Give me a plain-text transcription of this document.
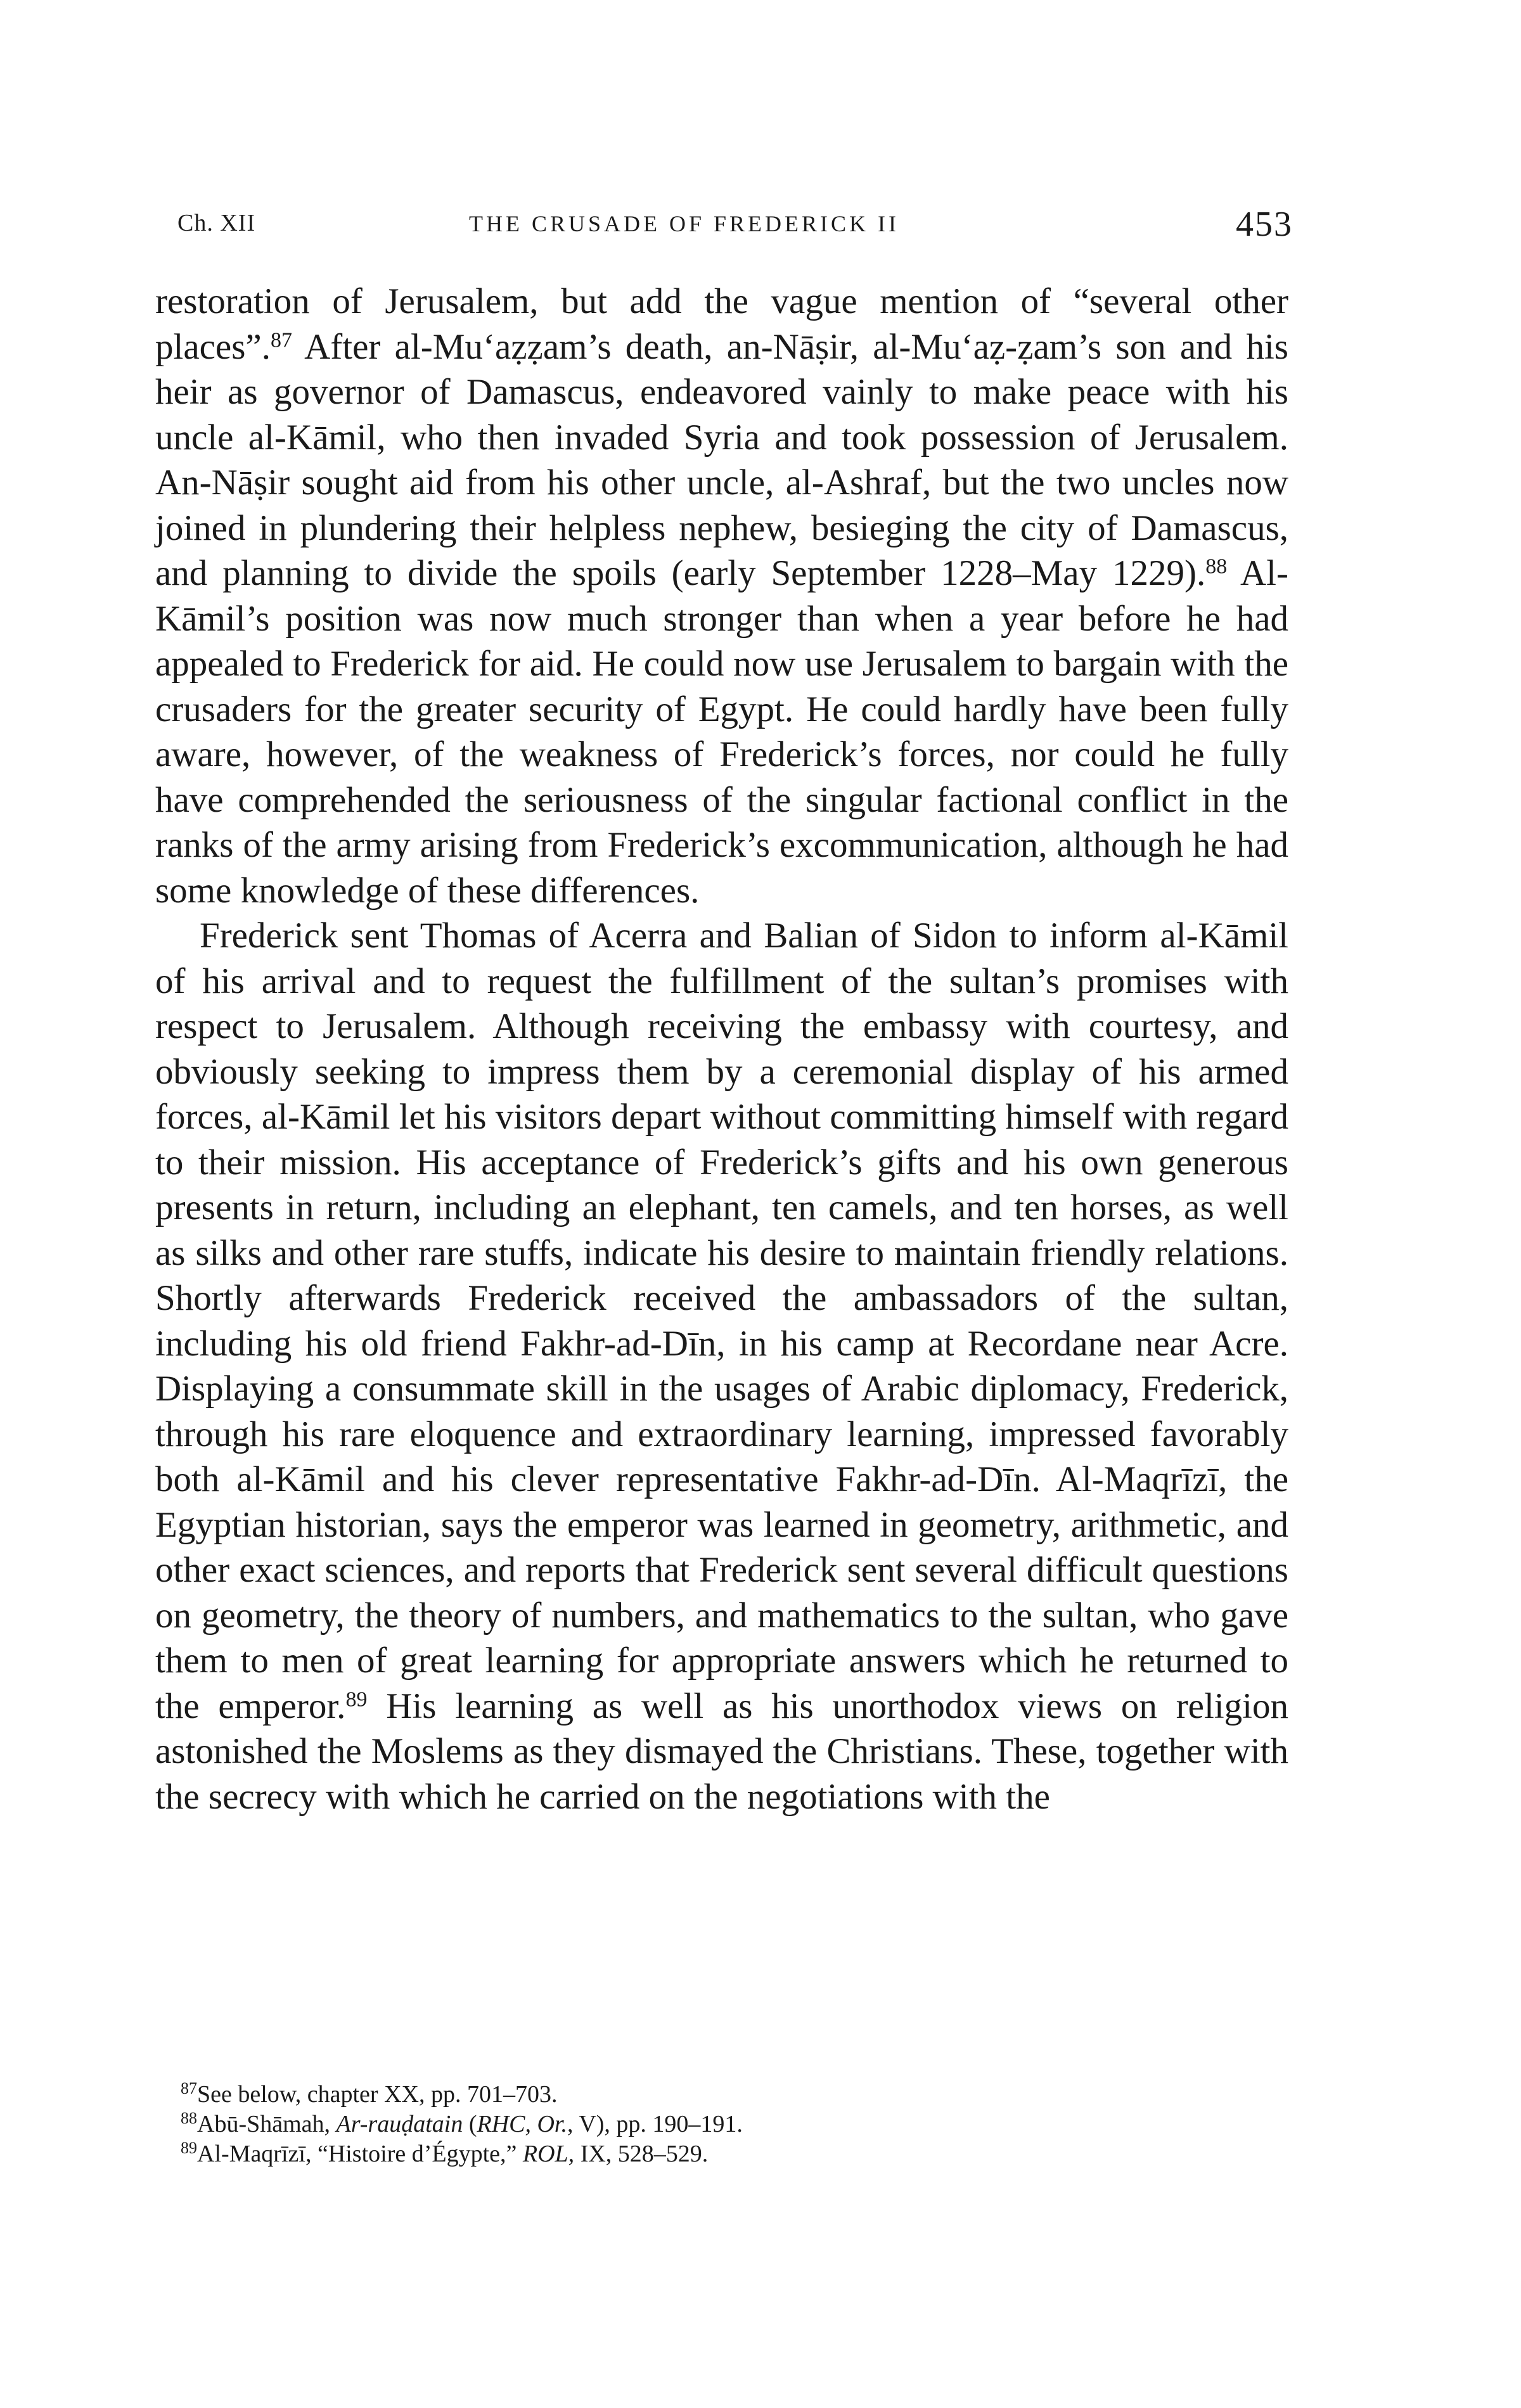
Ch. XII	THE CRUSADE OF FREDERICK II	453

restoration of Jerusalem, but add the vague mention of “several other places”.$^{87}$ After al-Mu‘aẓẓam’s death, an-Nāṣir, al-Mu‘aẓ-ẓam’s son and his heir as governor of Damascus, endeavored vainly to make peace with his uncle al-Kāmil, who then invaded Syria and took possession of Jerusalem. An-Nāṣir sought aid from his other uncle, al-Ashraf, but the two uncles now joined in plundering their helpless nephew, besieging the city of Damascus, and planning to divide the spoils (early September 1228–May 1229).$^{88}$ Al-Kāmil’s position was now much stronger than when a year before he had appealed to Frederick for aid. He could now use Jerusalem to bargain with the crusaders for the greater security of Egypt. He could hardly have been fully aware, however, of the weakness of Frederick’s forces, nor could he fully have comprehended the seriousness of the singular factional conflict in the ranks of the army arising from Frederick’s excommunication, although he had some knowledge of these differences.

Frederick sent Thomas of Acerra and Balian of Sidon to inform al-Kāmil of his arrival and to request the fulfillment of the sultan’s promises with respect to Jerusalem. Although receiving the embassy with courtesy, and obviously seeking to impress them by a ceremonial display of his armed forces, al-Kāmil let his visitors depart without committing himself with regard to their mission. His acceptance of Frederick’s gifts and his own generous presents in return, including an elephant, ten camels, and ten horses, as well as silks and other rare stuffs, indicate his desire to maintain friendly relations. Shortly afterwards Frederick received the ambassadors of the sultan, including his old friend Fakhr-ad-Dīn, in his camp at Recordane near Acre. Displaying a consummate skill in the usages of Arabic diplomacy, Frederick, through his rare eloquence and extraordinary learning, impressed favorably both al-Kāmil and his clever representative Fakhr-ad-Dīn. Al-Maqrīzī, the Egyptian historian, says the emperor was learned in geometry, arithmetic, and other exact sciences, and reports that Frederick sent several difficult questions on geometry, the theory of numbers, and mathematics to the sultan, who gave them to men of great learning for appropriate answers which he returned to the emperor.$^{89}$ His learning as well as his unorthodox views on religion astonished the Moslems as they dismayed the Christians. These, together with the secrecy with which he carried on the negotiations with the

$^{87}$See below, chapter XX, pp. 701–703.

$^{88}$Abū-Shāmah, Ar-rauḍatain (RHC, Or., V), pp. 190–191.

$^{89}$Al-Maqrīzī, “Histoire d’Égypte,” ROL, IX, 528–529.
